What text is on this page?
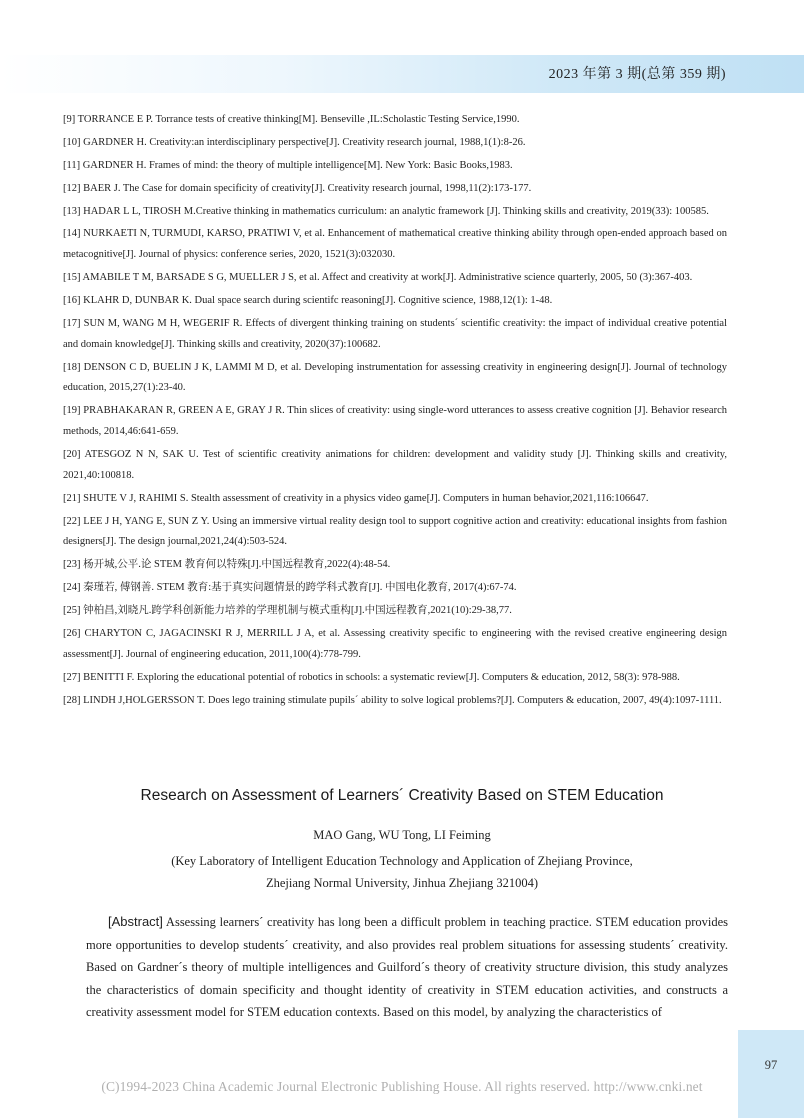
2023 年第 3 期(总第 359 期)

[9] TORRANCE E P. Torrance tests of creative thinking[M]. Benseville ,IL:Scholastic Testing Service,1990.

[10] GARDNER H. Creativity:an interdisciplinary perspective[J]. Creativity research journal, 1988,1(1):8-26.

[11] GARDNER H. Frames of mind: the theory of multiple intelligence[M]. New York: Basic Books,1983.

[12] BAER J. The Case for domain specificity of creativity[J]. Creativity research journal, 1998,11(2):173-177.

[13] HADAR L L, TIROSH M.Creative thinking in mathematics curriculum: an analytic framework [J]. Thinking skills and creativity, 2019(33): 100585.

[14] NURKAETI N, TURMUDI, KARSO, PRATIWI V, et al. Enhancement of mathematical creative thinking ability through open-ended approach based on metacognitive[J]. Journal of physics: conference series, 2020, 1521(3):032030.

[15] AMABILE T M, BARSADE S G, MUELLER J S, et al. Affect and creativity at work[J]. Administrative science quarterly, 2005, 50 (3):367-403.

[16] KLAHR D, DUNBAR K. Dual space search during scientifc reasoning[J]. Cognitive science, 1988,12(1): 1-48.

[17] SUN M, WANG M H, WEGERIF R. Effects of divergent thinking training on students´ scientific creativity: the impact of individual creative potential and domain knowledge[J]. Thinking skills and creativity, 2020(37):100682.

[18] DENSON C D, BUELIN J K, LAMMI M D, et al. Developing instrumentation for assessing creativity in engineering design[J]. Journal of technology education, 2015,27(1):23-40.

[19] PRABHAKARAN R, GREEN A E, GRAY J R. Thin slices of creativity: using single-word utterances to assess creative cognition [J]. Behavior research methods, 2014,46:641-659.

[20] ATESGOZ N N, SAK U. Test of scientific creativity animations for children: development and validity study [J]. Thinking skills and creativity, 2021,40:100818.

[21] SHUTE V J, RAHIMI S. Stealth assessment of creativity in a physics video game[J]. Computers in human behavior,2021,116:106647.

[22] LEE J H, YANG E, SUN Z Y. Using an immersive virtual reality design tool to support cognitive action and creativity: educational insights from fashion designers[J]. The design journal,2021,24(4):503-524.

[23] 杨开城,公平.论 STEM 教育何以特殊[J].中国远程教育,2022(4):48-54.

[24] 秦瑾若, 傅钢善. STEM 教育:基于真实问题情景的跨学科式教育[J]. 中国电化教育, 2017(4):67-74.

[25] 钟柏昌,刘晓凡.跨学科创新能力培养的学理机制与模式重构[J].中国远程教育,2021(10):29-38,77.

[26] CHARYTON C, JAGACINSKI R J, MERRILL J A, et al. Assessing creativity specific to engineering with the revised creative engineering design assessment[J]. Journal of engineering education, 2011,100(4):778-799.

[27] BENITTI F. Exploring the educational potential of robotics in schools: a systematic review[J]. Computers & education, 2012, 58(3): 978-988.

[28] LINDH J,HOLGERSSON T. Does lego training stimulate pupils´ ability to solve logical problems?[J]. Computers & education, 2007, 49(4):1097-1111.

Research on Assessment of Learners´ Creativity Based on STEM Education
MAO Gang, WU Tong, LI Feiming
(Key Laboratory of Intelligent Education Technology and Application of Zhejiang Province,
Zhejiang Normal University, Jinhua Zhejiang 321004)
[Abstract] Assessing learners´ creativity has long been a difficult problem in teaching practice. STEM education provides more opportunities to develop students´ creativity, and also provides real problem situations for assessing students´ creativity. Based on Gardner´s theory of multiple intelligences and Guilford´s theory of creativity structure division, this study analyzes the characteristics of domain specificity and thought identity of creativity in STEM education activities, and constructs a creativity assessment model for STEM education contexts. Based on this model, by analyzing the characteristics of
97
(C)1994-2023 China Academic Journal Electronic Publishing House. All rights reserved. http://www.cnki.net
